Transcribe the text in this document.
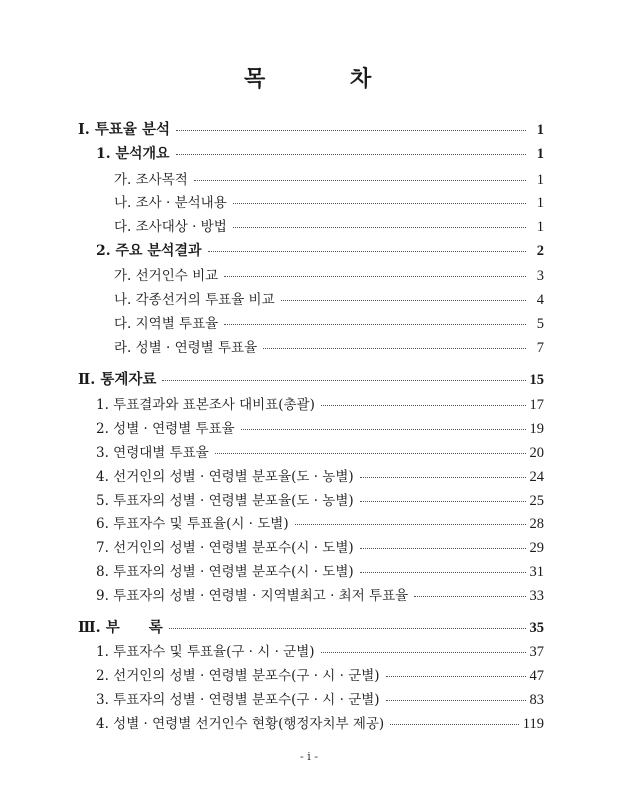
목	차
Ⅰ. 투표율 분석	1
1. 분석개요	1
가. 조사목적	1
나. 조사 · 분석내용	1
다. 조사대상 · 방법	1
2. 주요 분석결과	2
가. 선거인수 비교	3
나. 각종선거의 투표율 비교	4
다. 지역별 투표율	5
라. 성별 · 연령별 투표율	7
Ⅱ. 통계자료	15
1. 투표결과와 표본조사 대비표(총괄)	17
2. 성별 · 연령별 투표율	19
3. 연령대별 투표율	20
4. 선거인의 성별 · 연령별 분포율(도 · 농별)	24
5. 투표자의 성별 · 연령별 분포율(도 · 농별)	25
6. 투표자수 및 투표율(시 · 도별)	28
7. 선거인의 성별 · 연령별 분포수(시 · 도별)	29
8. 투표자의 성별 · 연령별 분포수(시 · 도별)	31
9. 투표자의 성별 · 연령별 · 지역별최고 · 최저 투표율	33
Ⅲ. 부　　록	35
1. 투표자수 및 투표율(구 · 시 · 군별)	37
2. 선거인의 성별 · 연령별 분포수(구 · 시 · 군별)	47
3. 투표자의 성별 · 연령별 분포수(구 · 시 · 군별)	83
4. 성별 · 연령별 선거인수 현황(행정자치부 제공)	119
- i -
